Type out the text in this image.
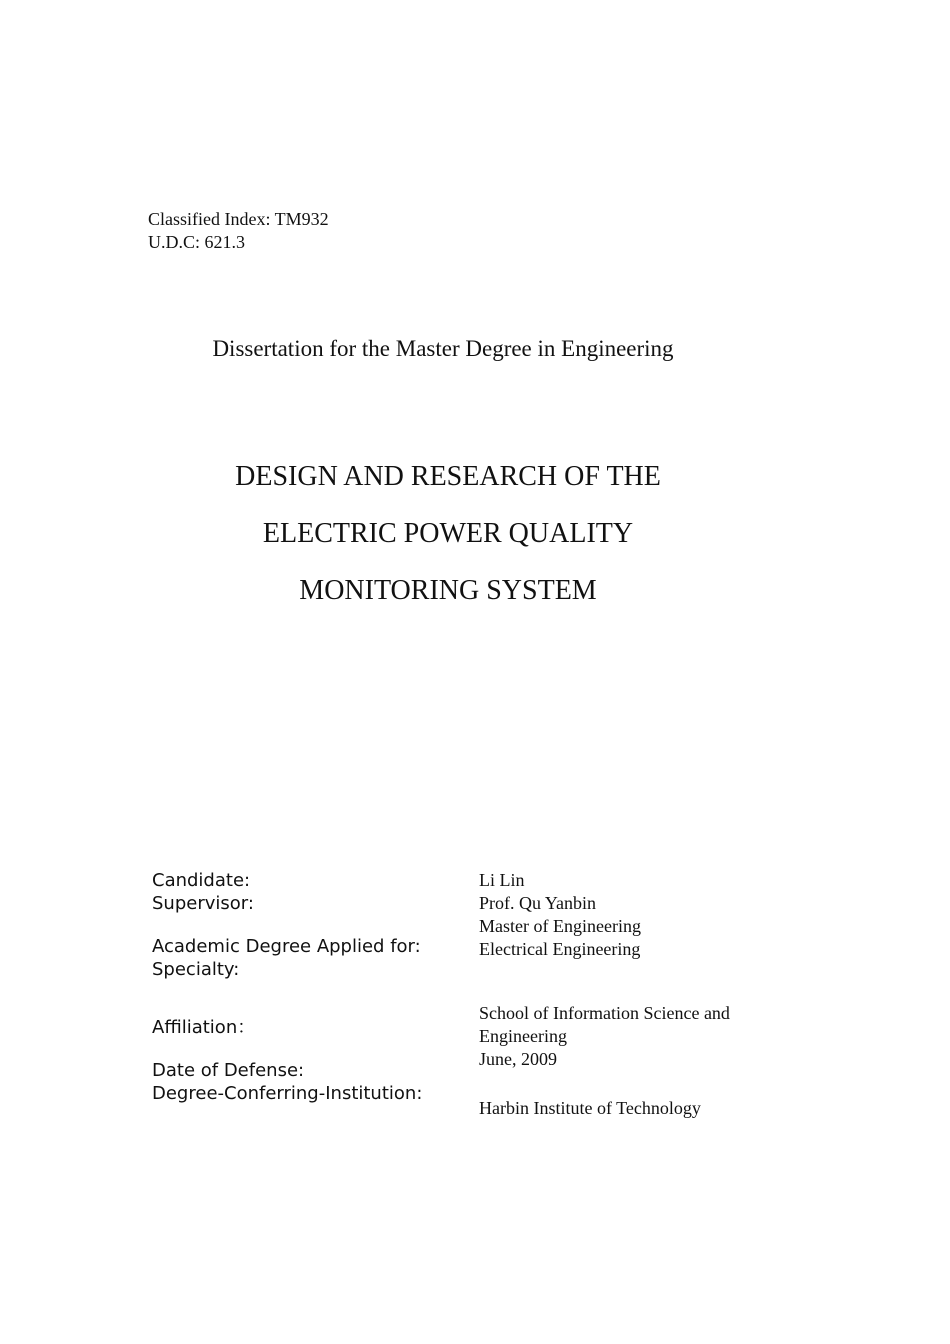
Classified Index: TM932
U.D.C: 621.3
Dissertation for the Master Degree in Engineering
DESIGN AND RESEARCH OF THE
ELECTRIC POWER QUALITY
MONITORING SYSTEM
Candidate:
Supervisor:
Academic Degree Applied for:
Specialty:
Affiliation：
Date of Defense:
Degree-Conferring-Institution:
Li Lin
Prof. Qu Yanbin
Master of Engineering
Electrical Engineering
School of Information Science and Engineering
June, 2009
Harbin Institute of Technology
